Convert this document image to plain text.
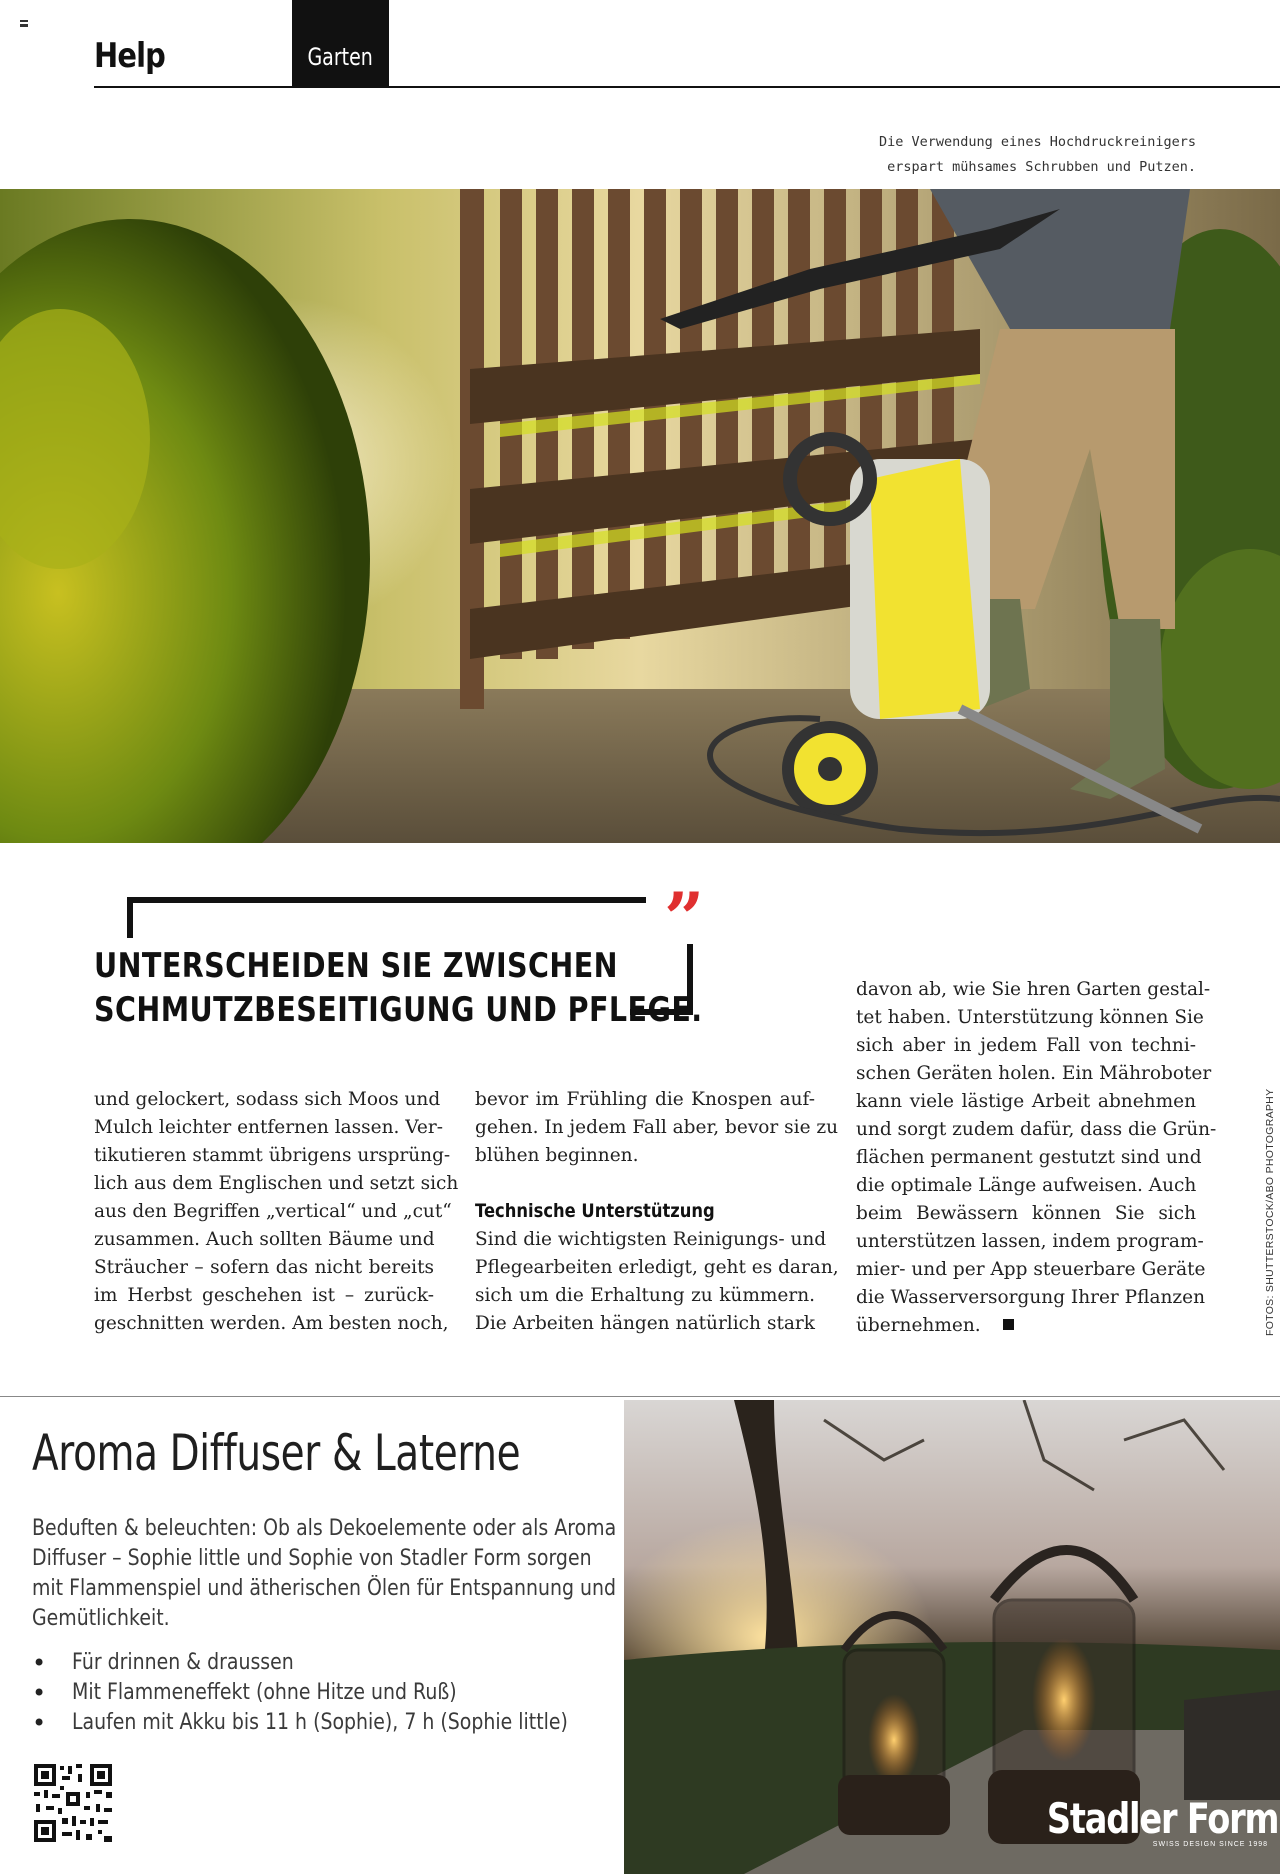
Help	Garten
Die Verwendung eines Hochdruckreinigers
erspart mühsames Schrubben und Putzen.
UNTERSCHEIDEN SIE ZWISCHEN
SCHMUTZBESEITIGUNG UND PFLEGE.
”
und gelockert, sodass sich Moos und
Mulch leichter entfernen lassen. Ver-
tikutieren stammt übrigens ursprüng-
lich aus dem Englischen und setzt sich
aus den Begriffen „vertical“ und „cut“
zusammen. Auch sollten Bäume und
Sträucher – sofern das nicht bereits
im Herbst geschehen ist – zurück-
geschnitten werden. Am besten noch,
bevor im Frühling die Knospen auf-
gehen. In jedem Fall aber, bevor sie zu
blühen beginnen.
Technische Unterstützung
Sind die wichtigsten Reinigungs- und
Pflegearbeiten erledigt, geht es daran,
sich um die Erhaltung zu kümmern.
Die Arbeiten hängen natürlich stark
davon ab, wie Sie hren Garten gestal-
tet haben. Unterstützung können Sie
sich aber in jedem Fall von techni-
schen Geräten holen. Ein Mähroboter
kann viele lästige Arbeit abnehmen
und sorgt zudem dafür, dass die Grün-
flächen permanent gestutzt sind und
die optimale Länge aufweisen. Auch
beim Bewässern können Sie sich
unterstützen lassen, indem program-
mier- und per App steuerbare Geräte
die Wasserversorgung Ihrer Pflanzen
übernehmen.	FOTOS: SHUTTERSTOCK/ABO PHOTOGRAPHY
Aroma Diffuser & Laterne
Beduften & beleuchten: Ob als Dekoelemente oder als Aroma
Diffuser – Sophie little und Sophie von Stadler Form sorgen
mit Flammenspiel und ätherischen Ölen für Entspannung und
Gemütlichkeit.
• Für drinnen & draussen
• Mit Flammeneffekt (ohne Hitze und Ruß)
• Laufen mit Akku bis 11 h (Sophie), 7 h (Sophie little)
Stadler Form
SWISS DESIGN SINCE 1998
